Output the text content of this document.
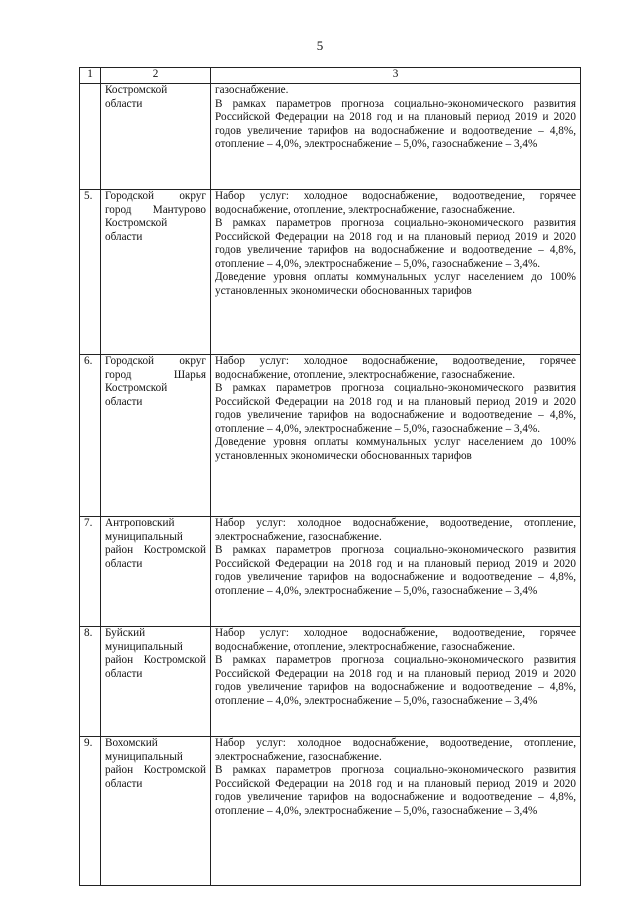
5
1	2	3
	Костромской области	газоснабжение.
В рамках параметров прогноза социально-экономического развития Российской Федерации на 2018 год и на плановый период 2019 и 2020 годов увеличение тарифов на водоснабжение и водоотведение – 4,8%, отопление – 4,0%, электроснабжение – 5,0%, газоснабжение – 3,4%

5.	Городской округ город Мантурово Костромской области	Набор услуг: холодное водоснабжение, водоотведение, горячее водоснабжение, отопление, электроснабжение, газоснабжение.
В рамках параметров прогноза социально-экономического развития Российской Федерации на 2018 год и на плановый период 2019 и 2020 годов увеличение тарифов на водоснабжение и водоотведение – 4,8%, отопление – 4,0%, электроснабжение – 5,0%, газоснабжение – 3,4%.
Доведение уровня оплаты коммунальных услуг населением до 100% установленных экономически обоснованных тарифов

6.	Городской округ город Шарья Костромской области	Набор услуг: холодное водоснабжение, водоотведение, горячее водоснабжение, отопление, электроснабжение, газоснабжение.
В рамках параметров прогноза социально-экономического развития Российской Федерации на 2018 год и на плановый период 2019 и 2020 годов увеличение тарифов на водоснабжение и водоотведение – 4,8%, отопление – 4,0%, электроснабжение – 5,0%, газоснабжение – 3,4%.
Доведение уровня оплаты коммунальных услуг населением до 100% установленных экономически обоснованных тарифов

7.	Антроповский муниципальный район Костромской области	Набор услуг: холодное водоснабжение, водоотведение, отопление, электроснабжение, газоснабжение.
В рамках параметров прогноза социально-экономического развития Российской Федерации на 2018 год и на плановый период 2019 и 2020 годов увеличение тарифов на водоснабжение и водоотведение – 4,8%, отопление – 4,0%, электроснабжение – 5,0%, газоснабжение – 3,4%

8.	Буйский муниципальный район Костромской области	Набор услуг: холодное водоснабжение, водоотведение, горячее водоснабжение, отопление, электроснабжение, газоснабжение.
В рамках параметров прогноза социально-экономического развития Российской Федерации на 2018 год и на плановый период 2019 и 2020 годов увеличение тарифов на водоснабжение и водоотведение – 4,8%, отопление – 4,0%, электроснабжение – 5,0%, газоснабжение – 3,4%

9.	Вохомский муниципальный район Костромской области	Набор услуг: холодное водоснабжение, водоотведение, отопление, электроснабжение, газоснабжение.
В рамках параметров прогноза социально-экономического развития Российской Федерации на 2018 год и на плановый период 2019 и 2020 годов увеличение тарифов на водоснабжение и водоотведение – 4,8%, отопление – 4,0%, электроснабжение – 5,0%, газоснабжение – 3,4%
